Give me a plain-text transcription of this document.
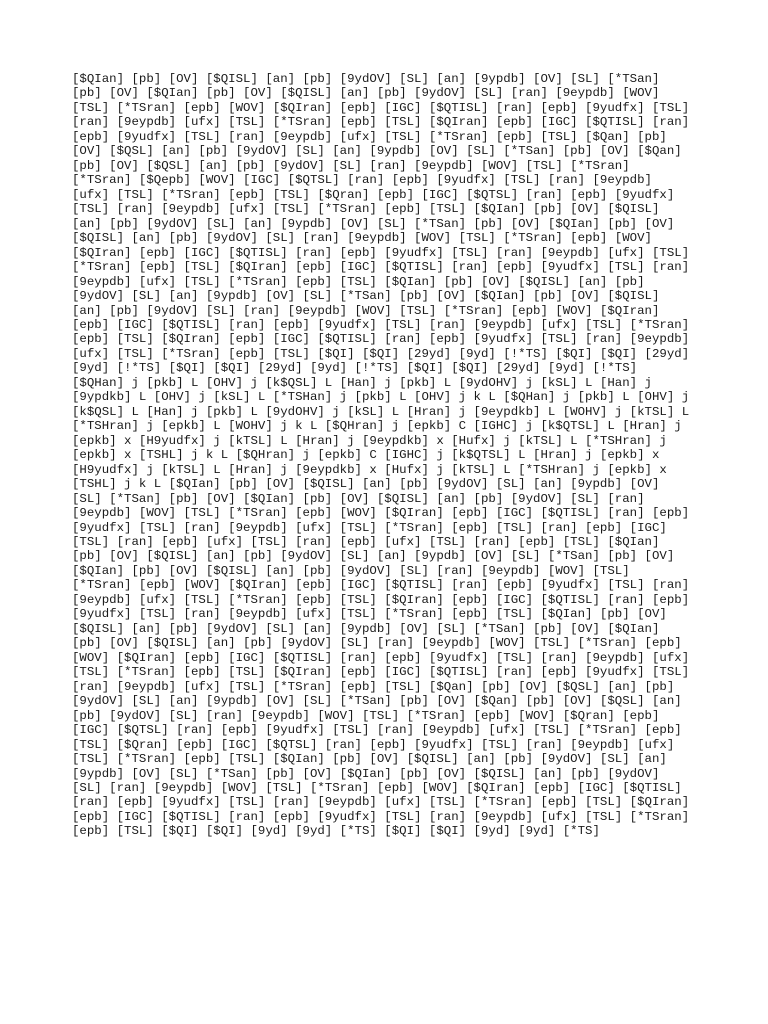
[$QIan] [pb] [OV] [$QISL] [an] [pb] [9ydOV] [SL] [an] [9ypdb] [OV] [SL] [*TSan]
[pb] [OV] [$QIan] [pb] [OV] [$QISL] [an] [pb] [9ydOV] [SL] [ran] [9eypdb] [WOV]
[TSL] [*TSran] [epb] [WOV] [$QIran] [epb] [IGC] [$QTISL] [ran] [epb] [9yudfx] [TSL]
[ran] [9eypdb] [ufx] [TSL] [*TSran] [epb] [TSL] [$QIran] [epb] [IGC] [$QTISL] [ran]
[epb] [9yudfx] [TSL] [ran] [9eypdb] [ufx] [TSL] [*TSran] [epb] [TSL] [$Qan] [pb]
[OV] [$QSL] [an] [pb] [9ydOV] [SL] [an] [9ypdb] [OV] [SL] [*TSan] [pb] [OV] [$Qan]
[pb] [OV] [$QSL] [an] [pb] [9ydOV] [SL] [ran] [9eypdb] [WOV] [TSL] [*TSran]
[*TSran] [$Qepb] [WOV] [IGC] [$QTSL] [ran] [epb] [9yudfx] [TSL] [ran] [9eypdb]
[ufx] [TSL] [*TSran] [epb] [TSL] [$Qran] [epb] [IGC] [$QTSL] [ran] [epb] [9yudfx]
[TSL] [ran] [9eypdb] [ufx] [TSL] [*TSran] [epb] [TSL] [$QIan] [pb] [OV] [$QISL]
[an] [pb] [9ydOV] [SL] [an] [9ypdb] [OV] [SL] [*TSan] [pb] [OV] [$QIan] [pb] [OV]
[$QISL] [an] [pb] [9ydOV] [SL] [ran] [9eypdb] [WOV] [TSL] [*TSran] [epb] [WOV]
[$QIran] [epb] [IGC] [$QTISL] [ran] [epb] [9yudfx] [TSL] [ran] [9eypdb] [ufx] [TSL]
[*TSran] [epb] [TSL] [$QIran] [epb] [IGC] [$QTISL] [ran] [epb] [9yudfx] [TSL] [ran]
[9eypdb] [ufx] [TSL] [*TSran] [epb] [TSL] [$QIan] [pb] [OV] [$QISL] [an] [pb]
[9ydOV] [SL] [an] [9ypdb] [OV] [SL] [*TSan] [pb] [OV] [$QIan] [pb] [OV] [$QISL]
[an] [pb] [9ydOV] [SL] [ran] [9eypdb] [WOV] [TSL] [*TSran] [epb] [WOV] [$QIran]
[epb] [IGC] [$QTISL] [ran] [epb] [9yudfx] [TSL] [ran] [9eypdb] [ufx] [TSL] [*TSran]
[epb] [TSL] [$QIran] [epb] [IGC] [$QTISL] [ran] [epb] [9yudfx] [TSL] [ran] [9eypdb]
[ufx] [TSL] [*TSran] [epb] [TSL] [$QI] [$QI] [29yd] [9yd] [!*TS] [$QI] [$QI] [29yd]
[9yd] [!*TS] [$QI] [$QI] [29yd] [9yd] [!*TS] [$QI] [$QI] [29yd] [9yd] [!*TS]
[$QHan] j [pkb] L [OHV] j [k$QSL] L [Han] j [pkb] L [9ydOHV] j [kSL] L [Han] j
[9ypdkb] L [OHV] j [kSL] L [*TSHan] j [pkb] L [OHV] j k L [$QHan] j [pkb] L [OHV] j
[k$QSL] L [Han] j [pkb] L [9ydOHV] j [kSL] L [Hran] j [9eypdkb] L [WOHV] j [kTSL] L
[*TSHran] j [epkb] L [WOHV] j k L [$QHran] j [epkb] C [IGHC] j [k$QTSL] L [Hran] j
[epkb] x [H9yudfx] j [kTSL] L [Hran] j [9eypdkb] x [Hufx] j [kTSL] L [*TSHran] j
[epkb] x [TSHL] j k L [$QHran] j [epkb] C [IGHC] j [k$QTSL] L [Hran] j [epkb] x
[H9yudfx] j [kTSL] L [Hran] j [9eypdkb] x [Hufx] j [kTSL] L [*TSHran] j [epkb] x
[TSHL] j k L [$QIan] [pb] [OV] [$QISL] [an] [pb] [9ydOV] [SL] [an] [9ypdb] [OV]
[SL] [*TSan] [pb] [OV] [$QIan] [pb] [OV] [$QISL] [an] [pb] [9ydOV] [SL] [ran]
[9eypdb] [WOV] [TSL] [*TSran] [epb] [WOV] [$QIran] [epb] [IGC] [$QTISL] [ran] [epb]
[9yudfx] [TSL] [ran] [9eypdb] [ufx] [TSL] [*TSran] [epb] [TSL] [ran] [epb] [IGC]
[TSL] [ran] [epb] [ufx] [TSL] [ran] [epb] [ufx] [TSL] [ran] [epb] [TSL] [$QIan]
[pb] [OV] [$QISL] [an] [pb] [9ydOV] [SL] [an] [9ypdb] [OV] [SL] [*TSan] [pb] [OV]
[$QIan] [pb] [OV] [$QISL] [an] [pb] [9ydOV] [SL] [ran] [9eypdb] [WOV] [TSL]
[*TSran] [epb] [WOV] [$QIran] [epb] [IGC] [$QTISL] [ran] [epb] [9yudfx] [TSL] [ran]
[9eypdb] [ufx] [TSL] [*TSran] [epb] [TSL] [$QIran] [epb] [IGC] [$QTISL] [ran] [epb]
[9yudfx] [TSL] [ran] [9eypdb] [ufx] [TSL] [*TSran] [epb] [TSL] [$QIan] [pb] [OV]
[$QISL] [an] [pb] [9ydOV] [SL] [an] [9ypdb] [OV] [SL] [*TSan] [pb] [OV] [$QIan]
[pb] [OV] [$QISL] [an] [pb] [9ydOV] [SL] [ran] [9eypdb] [WOV] [TSL] [*TSran] [epb]
[WOV] [$QIran] [epb] [IGC] [$QTISL] [ran] [epb] [9yudfx] [TSL] [ran] [9eypdb] [ufx]
[TSL] [*TSran] [epb] [TSL] [$QIran] [epb] [IGC] [$QTISL] [ran] [epb] [9yudfx] [TSL]
[ran] [9eypdb] [ufx] [TSL] [*TSran] [epb] [TSL] [$Qan] [pb] [OV] [$QSL] [an] [pb]
[9ydOV] [SL] [an] [9ypdb] [OV] [SL] [*TSan] [pb] [OV] [$Qan] [pb] [OV] [$QSL] [an]
[pb] [9ydOV] [SL] [ran] [9eypdb] [WOV] [TSL] [*TSran] [epb] [WOV] [$Qran] [epb]
[IGC] [$QTSL] [ran] [epb] [9yudfx] [TSL] [ran] [9eypdb] [ufx] [TSL] [*TSran] [epb]
[TSL] [$Qran] [epb] [IGC] [$QTSL] [ran] [epb] [9yudfx] [TSL] [ran] [9eypdb] [ufx]
[TSL] [*TSran] [epb] [TSL] [$QIan] [pb] [OV] [$QISL] [an] [pb] [9ydOV] [SL] [an]
[9ypdb] [OV] [SL] [*TSan] [pb] [OV] [$QIan] [pb] [OV] [$QISL] [an] [pb] [9ydOV]
[SL] [ran] [9eypdb] [WOV] [TSL] [*TSran] [epb] [WOV] [$QIran] [epb] [IGC] [$QTISL]
[ran] [epb] [9yudfx] [TSL] [ran] [9eypdb] [ufx] [TSL] [*TSran] [epb] [TSL] [$QIran]
[epb] [IGC] [$QTISL] [ran] [epb] [9yudfx] [TSL] [ran] [9eypdb] [ufx] [TSL] [*TSran]
[epb] [TSL] [$QI] [$QI] [9yd] [9yd] [*TS] [$QI] [$QI] [9yd] [9yd] [*TS]
